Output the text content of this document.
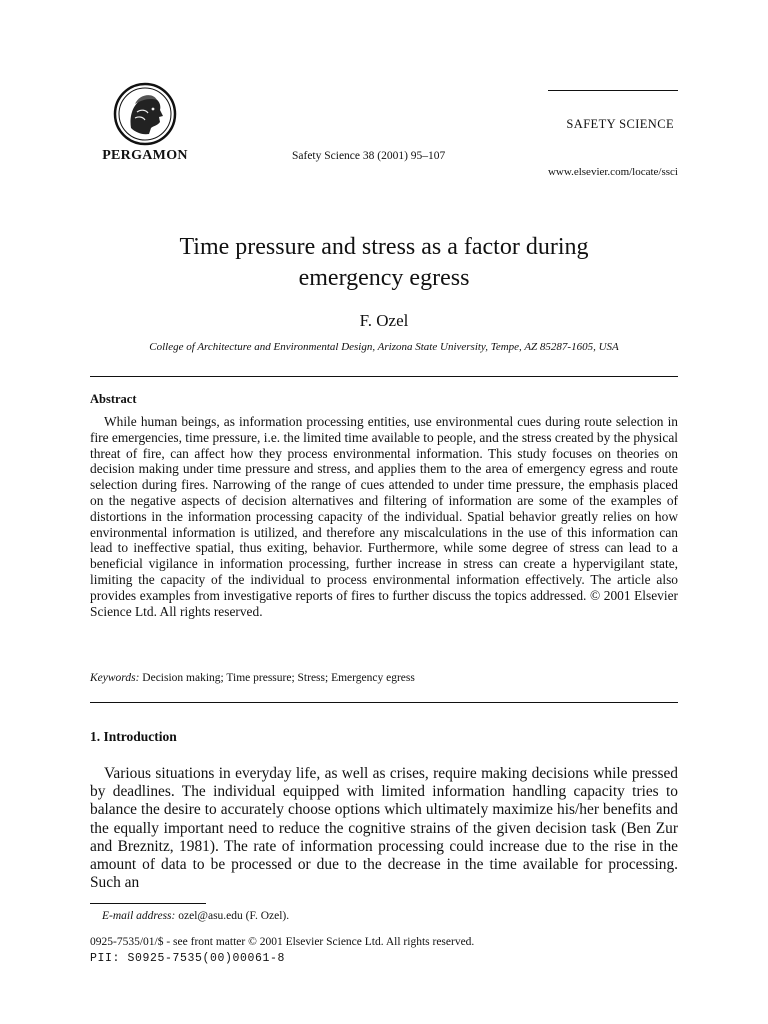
PERGAMON	Safety Science 38 (2001) 95–107
SAFETY SCIENCE
www.elsevier.com/locate/ssci
Time pressure and stress as a factor during
emergency egress
F. Ozel
College of Architecture and Environmental Design, Arizona State University, Tempe, AZ 85287-1605, USA
Abstract
While human beings, as information processing entities, use environmental cues during route selection in fire emergencies, time pressure, i.e. the limited time available to people, and the stress created by the physical threat of fire, can affect how they process environmental information. This study focuses on theories on decision making under time pressure and stress, and applies them to the area of emergency egress and route selection during fires. Narrowing of the range of cues attended to under time pressure, the emphasis placed on the negative aspects of decision alternatives and filtering of information are some of the examples of distortions in the information processing capacity of the individual. Spatial behavior greatly relies on how environmental information is utilized, and therefore any miscalculations in the use of this information can lead to ineffective spatial, thus exiting, behavior. Furthermore, while some degree of stress can lead to a beneficial vigilance in information processing, further increase in stress can create a hypervigilant state, limiting the capacity of the individual to process environmental information effectively. The article also provides examples from investigative reports of fires to further discuss the topics addressed. © 2001 Elsevier Science Ltd. All rights reserved.
Keywords: Decision making; Time pressure; Stress; Emergency egress
1. Introduction
Various situations in everyday life, as well as crises, require making decisions while pressed by deadlines. The individual equipped with limited information handling capacity tries to balance the desire to accurately choose options which ultimately maximize his/her benefits and the equally important need to reduce the cognitive strains of the given decision task (Ben Zur and Breznitz, 1981). The rate of information processing could increase due to the rise in the amount of data to be processed or due to the decrease in the time available for processing. Such an
E-mail address: ozel@asu.edu (F. Ozel).
0925-7535/01/$ - see front matter © 2001 Elsevier Science Ltd. All rights reserved.
PII: S0925-7535(00)00061-8
